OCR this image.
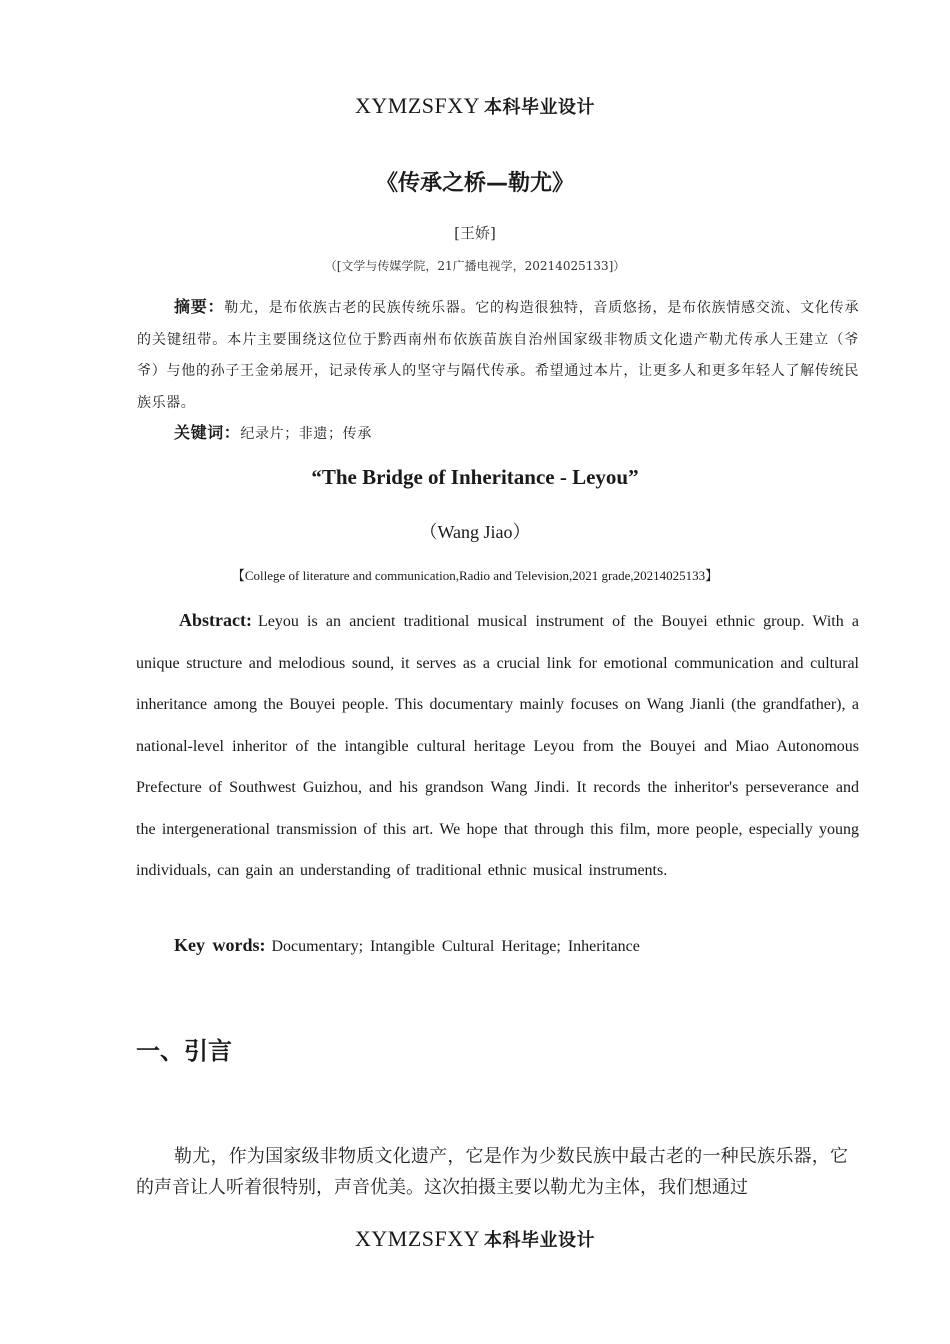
XYMZSFXY 本科毕业设计
《传承之桥—勒尤》
[王娇]
（[文学与传媒学院，21广播电视学，20214025133]）
摘要：勒尤，是布依族古老的民族传统乐器。它的构造很独特，音质悠扬，是布依族情感交流、文化传承的关键纽带。本片主要围绕这位位于黔西南州布依族苗族自治州国家级非物质文化遗产勒尤传承人王建立（爷爷）与他的孙子王金弟展开，记录传承人的坚守与隔代传承。希望通过本片，让更多人和更多年轻人了解传统民族乐器。
关键词：纪录片；非遗；传承
“The Bridge of Inheritance - Leyou”
（Wang Jiao）
【College of literature and communication,Radio and Television,2021 grade,20214025133】
Abstract: Leyou is an ancient traditional musical instrument of the Bouyei ethnic group. With a unique structure and melodious sound, it serves as a crucial link for emotional communication and cultural inheritance among the Bouyei people. This documentary mainly focuses on Wang Jianli (the grandfather), a national-level inheritor of the intangible cultural heritage Leyou from the Bouyei and Miao Autonomous Prefecture of Southwest Guizhou, and his grandson Wang Jindi. It records the inheritor's perseverance and the intergenerational transmission of this art. We hope that through this film, more people, especially young individuals, can gain an understanding of traditional ethnic musical instruments.
Key words: Documentary; Intangible Cultural Heritage; Inheritance
一、引言
勒尤，作为国家级非物质文化遗产，它是作为少数民族中最古老的一种民族乐器，它的声音让人听着很特别，声音优美。这次拍摄主要以勒尤为主体，我们想通过
XYMZSFXY 本科毕业设计
